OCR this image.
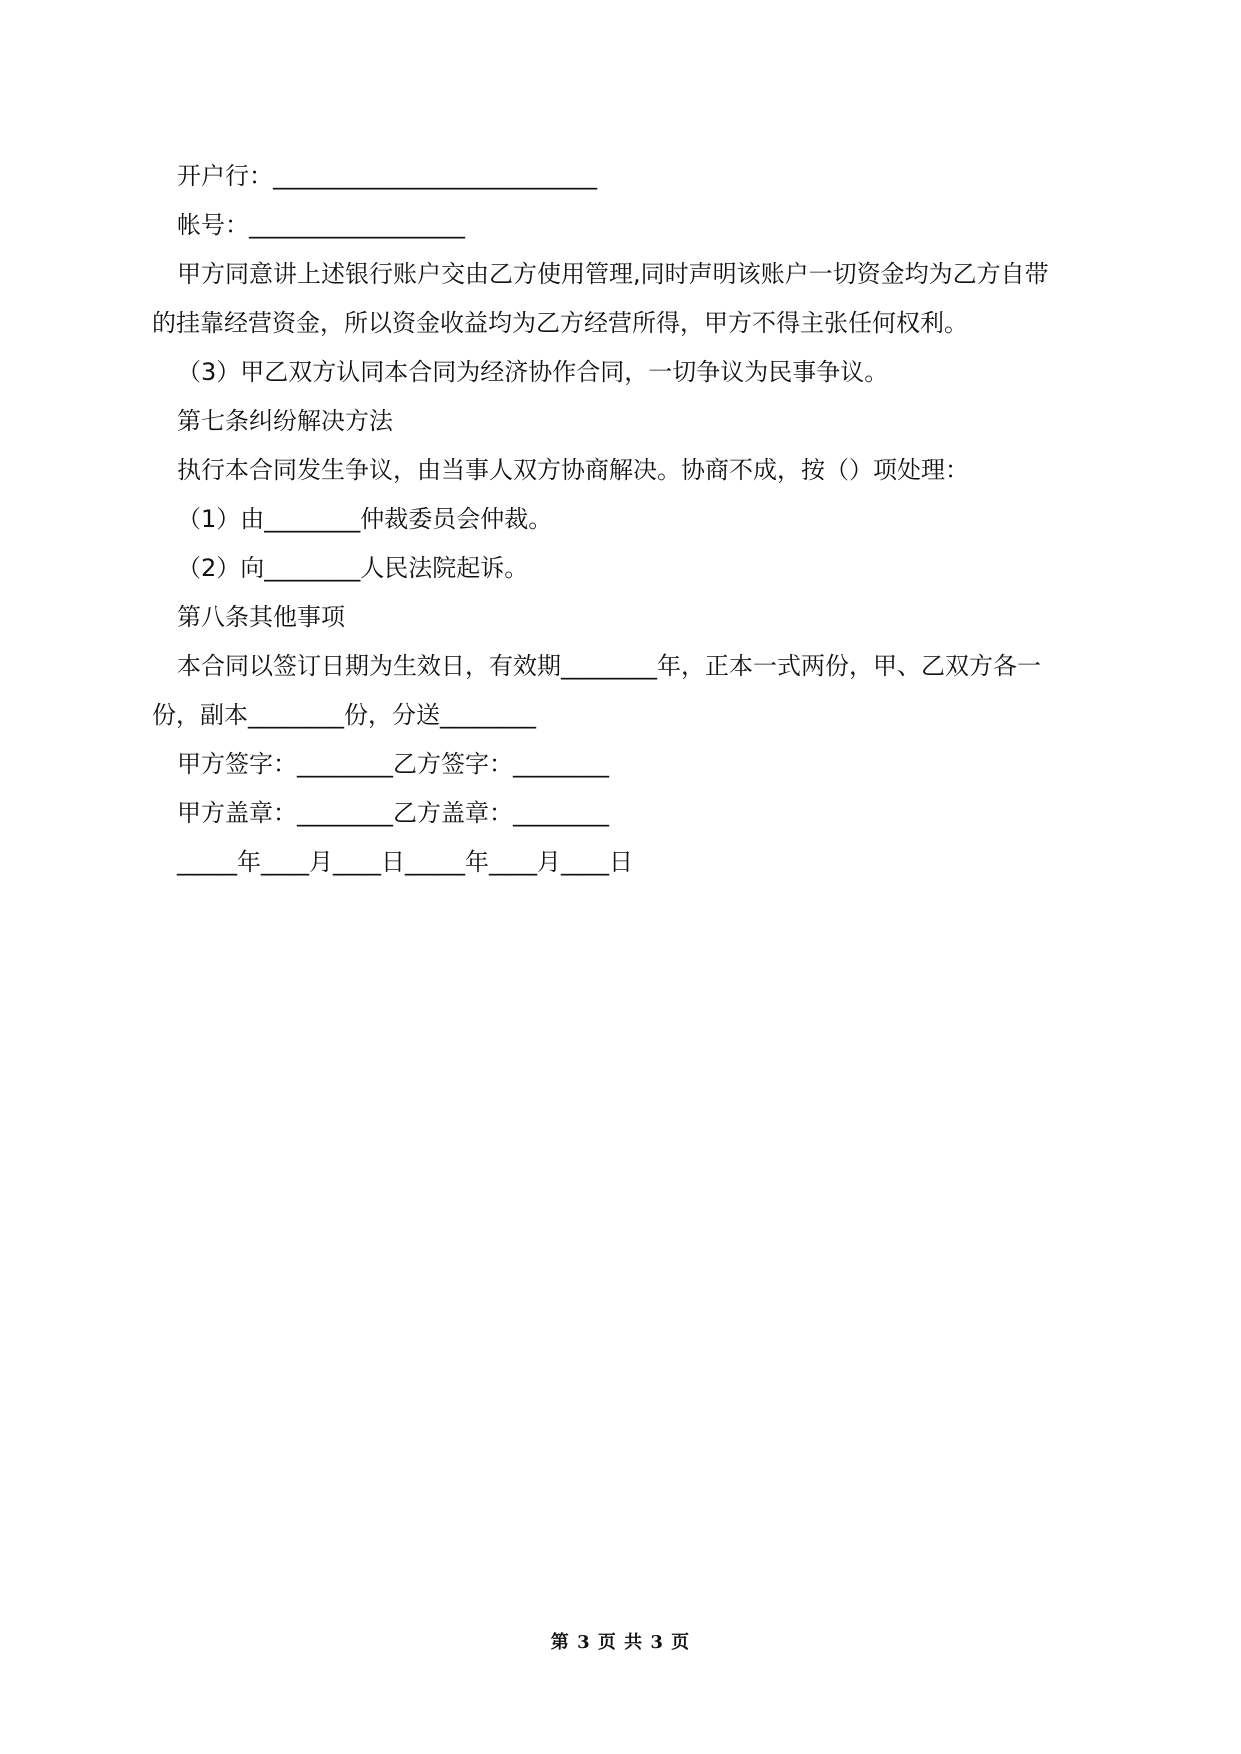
开户行：___________________________

帐号：__________________

甲方同意讲上述银行账户交由乙方使用管理,同时声明该账户一切资金均为乙方自带

的挂靠经营资金，所以资金收益均为乙方经营所得，甲方不得主张任何权利。

（3）甲乙双方认同本合同为经济协作合同，一切争议为民事争议。

第七条纠纷解决方法

执行本合同发生争议，由当事人双方协商解决。协商不成，按（）项处理：

（1）由________仲裁委员会仲裁。

（2）向________人民法院起诉。

第八条其他事项

本合同以签订日期为生效日，有效期________年，正本一式两份，甲、乙双方各一

份，副本________份，分送________

甲方签字：________乙方签字：________

甲方盖章：________乙方盖章：________

_____年____月____日_____年____月____日

第 3 页 共 3 页
